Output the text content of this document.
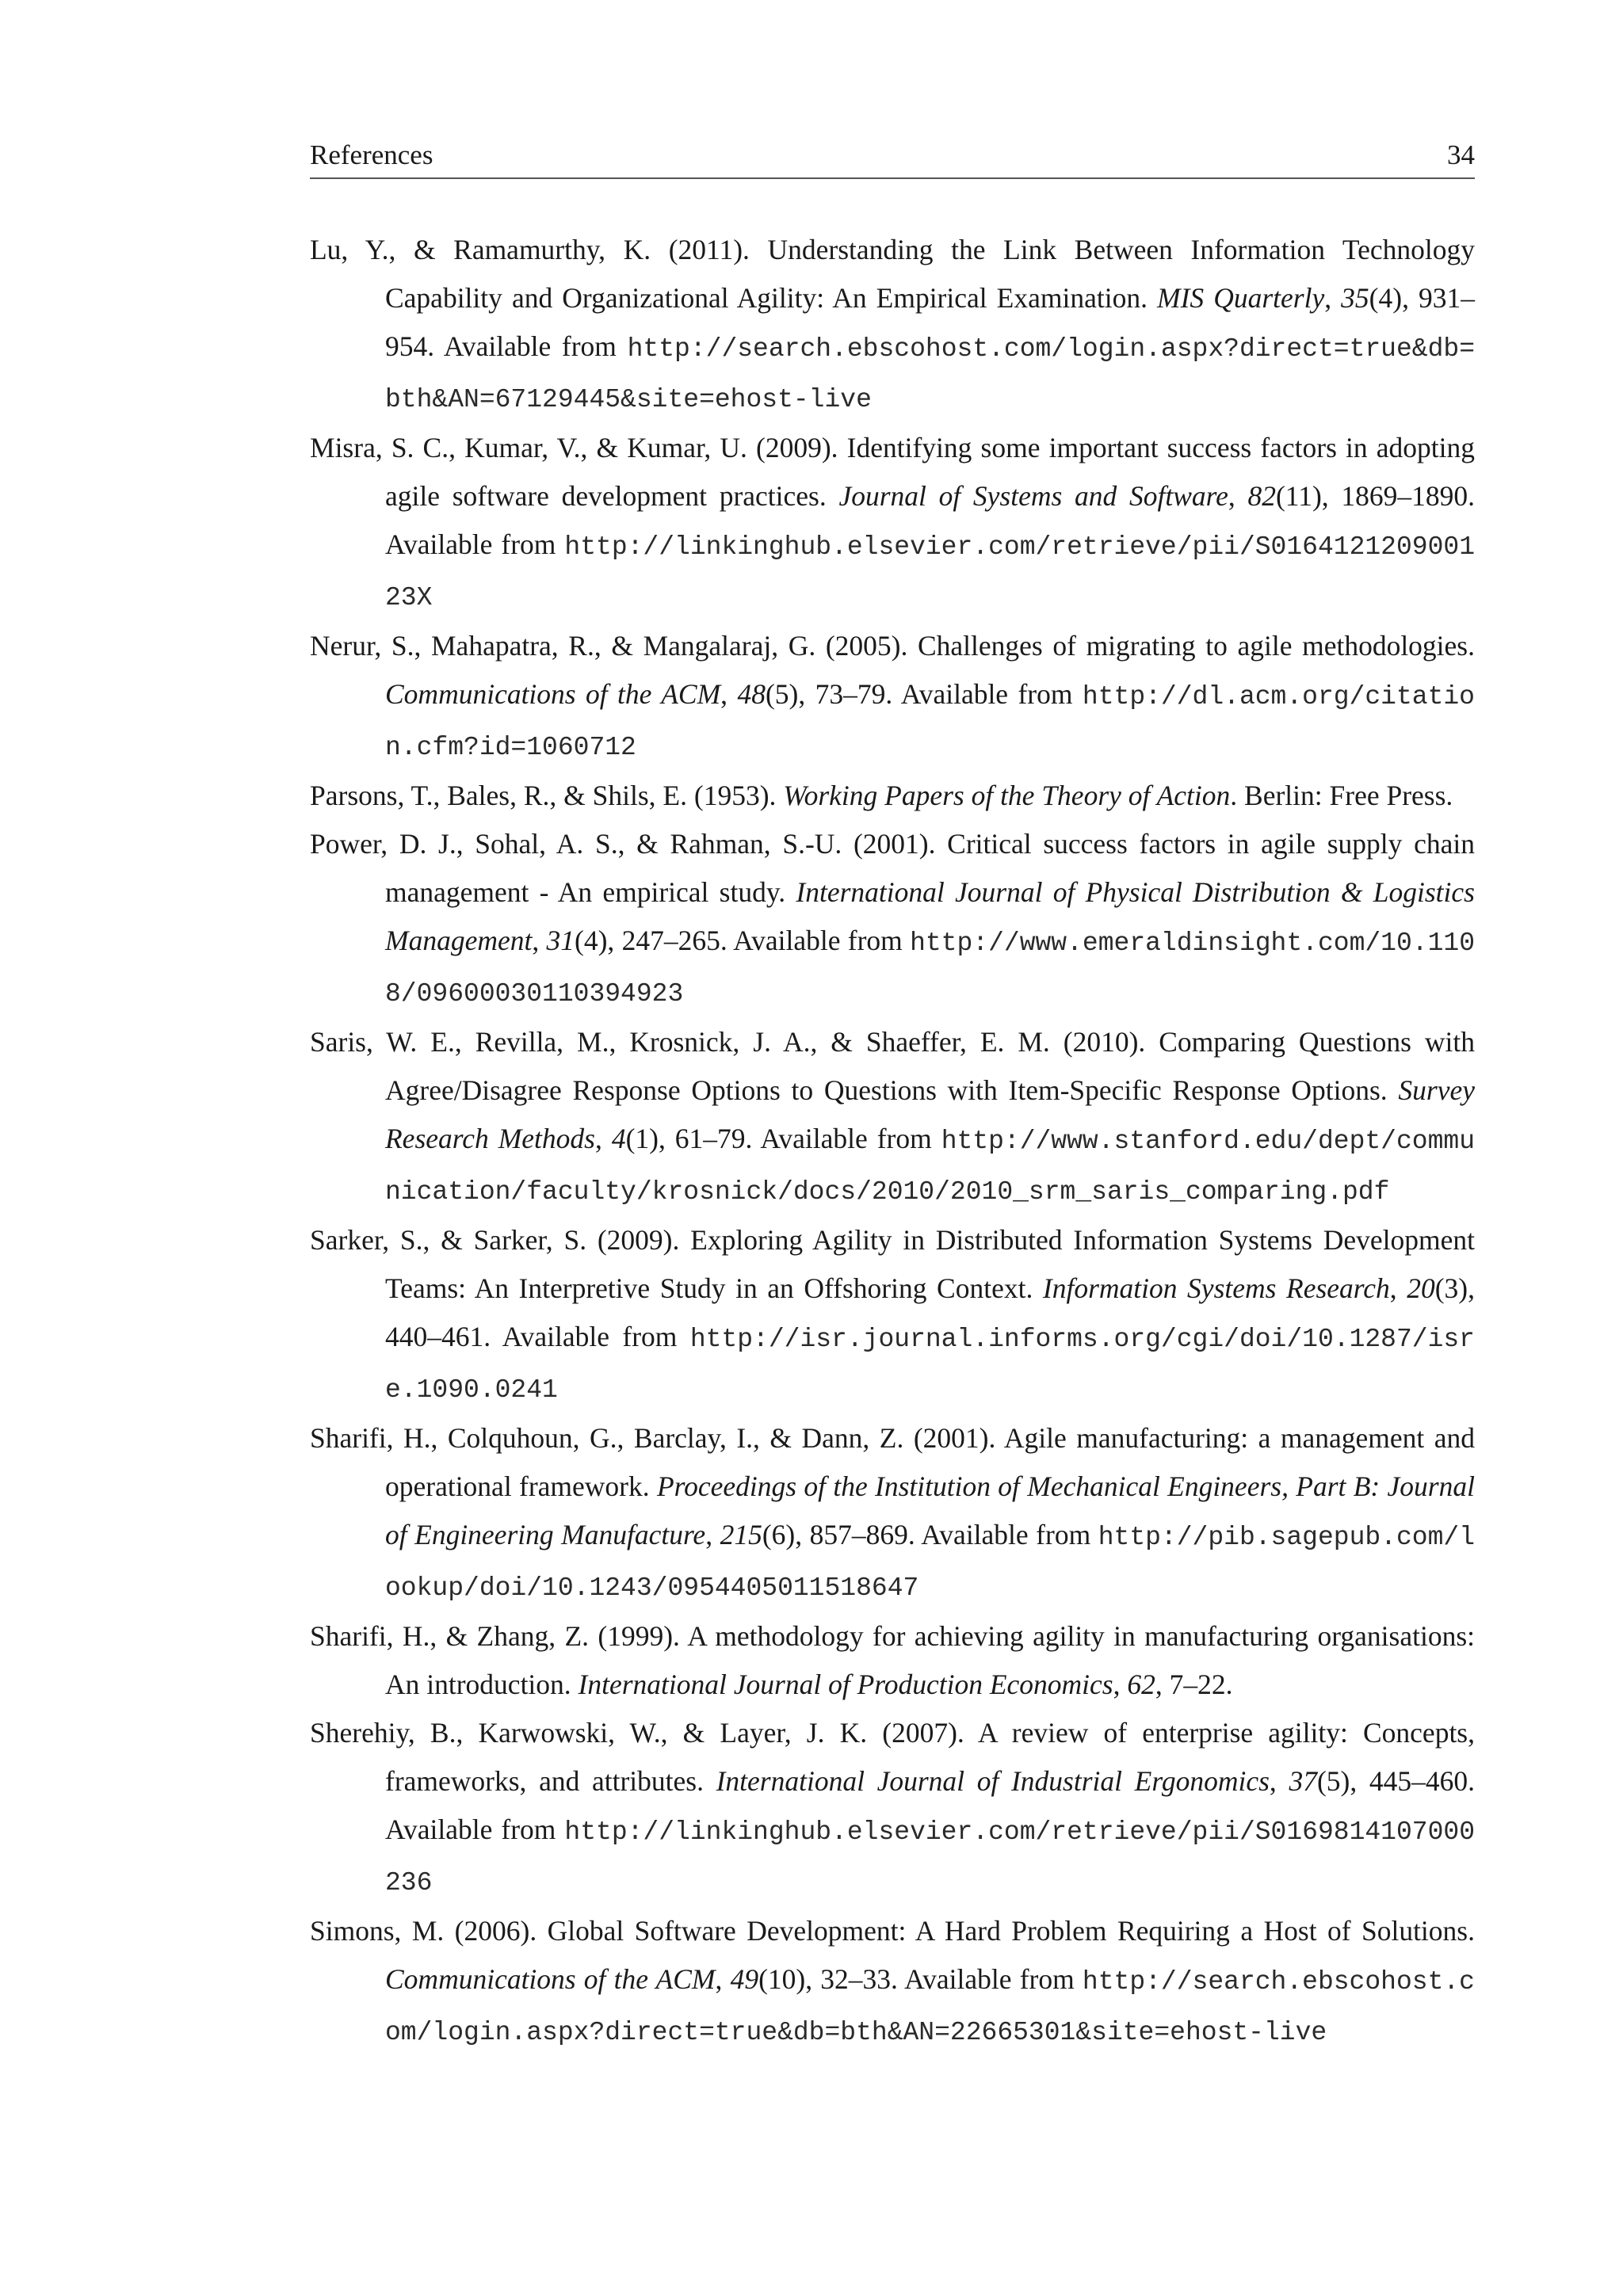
References	34

Lu, Y., & Ramamurthy, K. (2011). Understanding the Link Between Information Technology Capability and Organizational Agility: An Empirical Examination. MIS Quarterly, 35(4), 931–954. Available from http://search.ebscohost.com/login.aspx?direct=true&db=bth&AN=67129445&site=ehost-live

Misra, S. C., Kumar, V., & Kumar, U. (2009). Identifying some important success factors in adopting agile software development practices. Journal of Systems and Software, 82(11), 1869–1890. Available from http://linkinghub.elsevier.com/retrieve/pii/S016412120900123X

Nerur, S., Mahapatra, R., & Mangalaraj, G. (2005). Challenges of migrating to agile methodologies. Communications of the ACM, 48(5), 73–79. Available from http://dl.acm.org/citation.cfm?id=1060712

Parsons, T., Bales, R., & Shils, E. (1953). Working Papers of the Theory of Action. Berlin: Free Press.

Power, D. J., Sohal, A. S., & Rahman, S.-U. (2001). Critical success factors in agile supply chain management - An empirical study. International Journal of Physical Distribution & Logistics Management, 31(4), 247–265. Available from http://www.emeraldinsight.com/10.1108/09600030110394923

Saris, W. E., Revilla, M., Krosnick, J. A., & Shaeffer, E. M. (2010). Comparing Questions with Agree/Disagree Response Options to Questions with Item-Specific Response Options. Survey Research Methods, 4(1), 61–79. Available from http://www.stanford.edu/dept/communication/faculty/krosnick/docs/2010/2010_srm_saris_comparing.pdf

Sarker, S., & Sarker, S. (2009). Exploring Agility in Distributed Information Systems Development Teams: An Interpretive Study in an Offshoring Context. Information Systems Research, 20(3), 440–461. Available from http://isr.journal.informs.org/cgi/doi/10.1287/isre.1090.0241

Sharifi, H., Colquhoun, G., Barclay, I., & Dann, Z. (2001). Agile manufacturing: a management and operational framework. Proceedings of the Institution of Mechanical Engineers, Part B: Journal of Engineering Manufacture, 215(6), 857–869. Available from http://pib.sagepub.com/lookup/doi/10.1243/0954405011518647

Sharifi, H., & Zhang, Z. (1999). A methodology for achieving agility in manufacturing organisations: An introduction. International Journal of Production Economics, 62, 7–22.

Sherehiy, B., Karwowski, W., & Layer, J. K. (2007). A review of enterprise agility: Concepts, frameworks, and attributes. International Journal of Industrial Ergonomics, 37(5), 445–460. Available from http://linkinghub.elsevier.com/retrieve/pii/S0169814107000236

Simons, M. (2006). Global Software Development: A Hard Problem Requiring a Host of Solutions. Communications of the ACM, 49(10), 32–33. Available from http://search.ebscohost.com/login.aspx?direct=true&db=bth&AN=22665301&site=ehost-live
